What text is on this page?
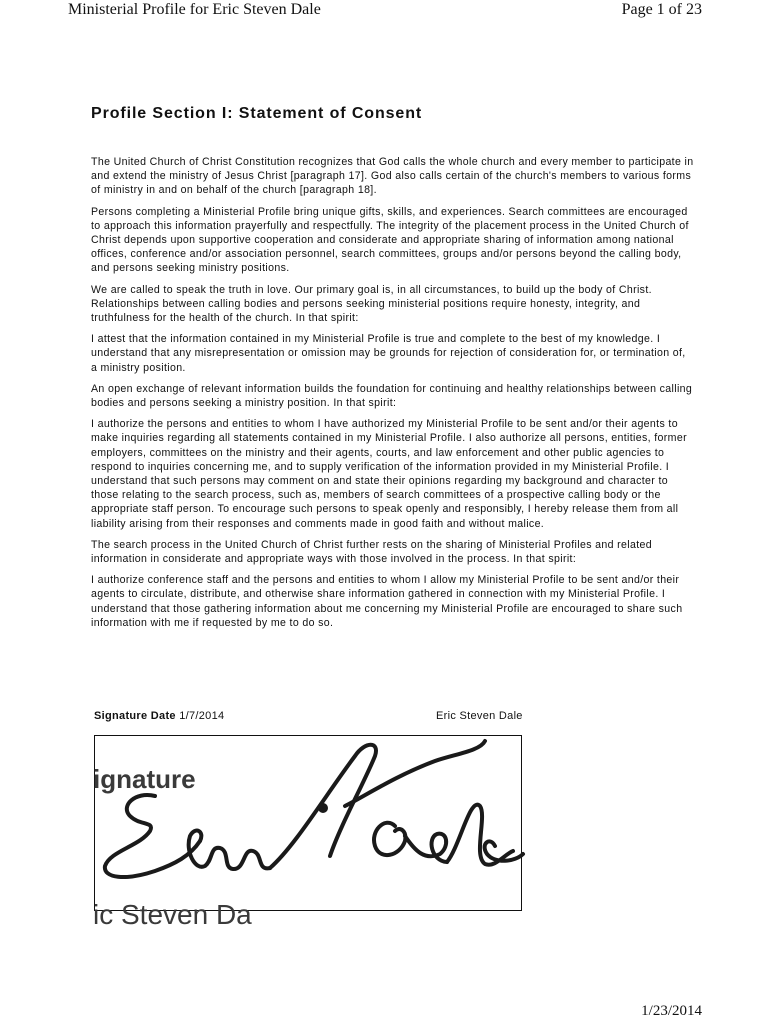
Ministerial Profile for Eric Steven Dale	Page 1 of 23
Profile Section I: Statement of Consent

The United Church of Christ Constitution recognizes that God calls the whole church and every member to participate in and extend the ministry of Jesus Christ [paragraph 17]. God also calls certain of the church's members to various forms of ministry in and on behalf of the church [paragraph 18].

Persons completing a Ministerial Profile bring unique gifts, skills, and experiences. Search committees are encouraged to approach this information prayerfully and respectfully. The integrity of the placement process in the United Church of Christ depends upon supportive cooperation and considerate and appropriate sharing of information among national offices, conference and/or association personnel, search committees, groups and/or persons beyond the calling body, and persons seeking ministry positions.

We are called to speak the truth in love. Our primary goal is, in all circumstances, to build up the body of Christ. Relationships between calling bodies and persons seeking ministerial positions require honesty, integrity, and truthfulness for the health of the church. In that spirit:

I attest that the information contained in my Ministerial Profile is true and complete to the best of my knowledge. I understand that any misrepresentation or omission may be grounds for rejection of consideration for, or termination of, a ministry position.

An open exchange of relevant information builds the foundation for continuing and healthy relationships between calling bodies and persons seeking a ministry position. In that spirit:

I authorize the persons and entities to whom I have authorized my Ministerial Profile to be sent and/or their agents to make inquiries regarding all statements contained in my Ministerial Profile. I also authorize all persons, entities, former employers, committees on the ministry and their agents, courts, and law enforcement and other public agencies to respond to inquiries concerning me, and to supply verification of the information provided in my Ministerial Profile. I understand that such persons may comment on and state their opinions regarding my background and character to those relating to the search process, such as, members of search committees of a prospective calling body or the appropriate staff person. To encourage such persons to speak openly and responsibly, I hereby release them from all liability arising from their responses and comments made in good faith and without malice.

The search process in the United Church of Christ further rests on the sharing of Ministerial Profiles and related information in considerate and appropriate ways with those involved in the process. In that spirit:

I authorize conference staff and the persons and entities to whom I allow my Ministerial Profile to be sent and/or their agents to circulate, distribute, and otherwise share information gathered in connection with my Ministerial Profile. I understand that those gathering information about me concerning my Ministerial Profile are encouraged to share such information with me if requested by me to do so.

Signature Date 1/7/2014	Eric Steven Dale
ignature
ic Steven Da
1/23/2014
